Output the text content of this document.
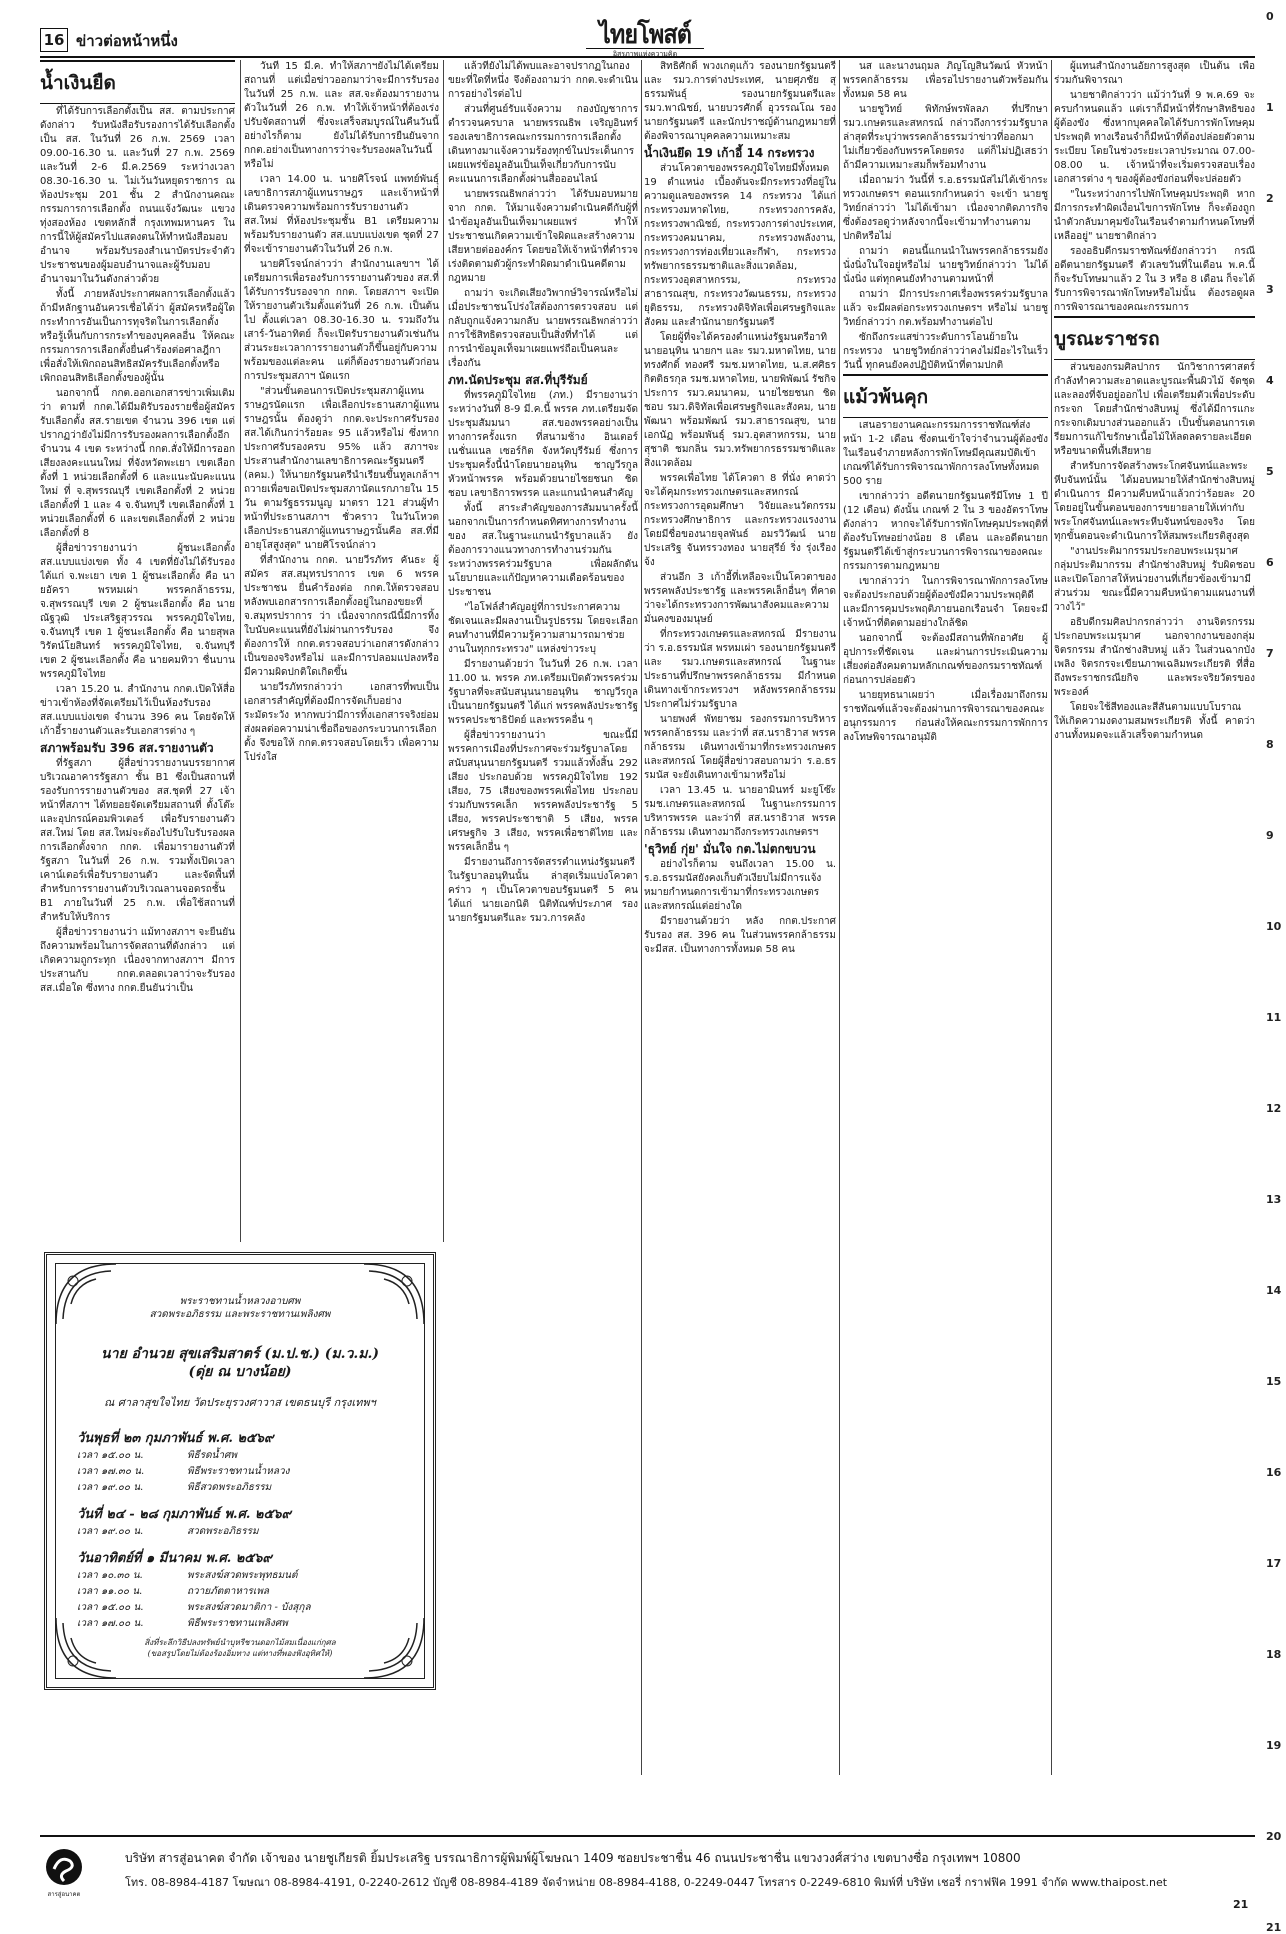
16 ข่าวต่อหน้าหนึ่ง	ไทยโพสต์
อิสรภาพแห่งความคิด
0
1
2
3
4
5
6
7
8
9
10
11
12
13
14
15
16
17
18
19
20
21

น้ำเงินยืด

ที่ได้รับการเลือกตั้งเป็น สส. ตามประกาศดังกล่าว รับหนังสือรับรองการได้รับเลือกตั้งเป็น สส. ในวันที่ 26 ก.พ. 2569 เวลา 09.00-16.30 น. และวันที่ 27 ก.พ. 2569 และวันที่ 2-6 มี.ค.2569 ระหว่างเวลา 08.30-16.30 น. ไม่เว้นวันหยุดราชการ ณ ห้องประชุม 201 ชั้น 2 สำนักงานคณะกรรมการการเลือกตั้ง ถนนแจ้งวัฒนะ แขวงทุ่งสองห้อง เขตหลักสี่ กรุงเทพมหานคร ในการนี้ให้ผู้สมัครไปแสดงตนให้ทำหนังสือมอบอำนาจ พร้อมรับรองสำเนาบัตรประจำตัวประชาชนของผู้มอบอำนาจและผู้รับมอบอำนาจมาในวันดังกล่าวด้วย

ทั้งนี้ ภายหลังประกาศผลการเลือกตั้งแล้ว ถ้ามีหลักฐานอันควรเชื่อได้ว่า ผู้สมัครหรือผู้ใดกระทำการอันเป็นการทุจริตในการเลือกตั้ง หรือรู้เห็นกับการกระทำของบุคคลอื่น ให้คณะกรรมการการเลือกตั้งยื่นคำร้องต่อศาลฎีกาเพื่อสั่งให้เพิกถอนสิทธิสมัครรับเลือกตั้งหรือเพิกถอนสิทธิเลือกตั้งของผู้นั้น

นอกจากนี้ กกต.ออกเอกสารข่าวเพิ่มเติมว่า ตามที่ กกต.ได้มีมติรับรองรายชื่อผู้สมัครรับเลือกตั้ง สส.รายเขต จำนวน 396 เขต แต่ปรากฏว่ายังไม่มีการรับรองผลการเลือกตั้งอีกจำนวน 4 เขต ระหว่างนี้ กกต.สั่งให้มีการออกเสียงลงคะแนนใหม่ ที่จังหวัดพะเยา เขตเลือกตั้งที่ 1 หน่วยเลือกตั้งที่ 6 และแนะนับคะแนนใหม่ ที่ จ.สุพรรณบุรี เขตเลือกตั้งที่ 2 หน่วยเลือกตั้งที่ 1 และ 4 จ.จันทบุรี เขตเลือกตั้งที่ 1 หน่วยเลือกตั้งที่ 6 และเขตเลือกตั้งที่ 2 หน่วยเลือกตั้งที่ 8

ผู้สื่อข่าวรายงานว่า ผู้ชนะเลือกตั้ง สส.แบบแบ่งเขต ทั้ง 4 เขตที่ยังไม่ได้รับรอง ได้แก่ จ.พะเยา เขต 1 ผู้ชนะเลือกตั้ง คือ นายอัครา พรหมเผ่า พรรคกล้าธรรม, จ.สุพรรณบุรี เขต 2 ผู้ชนะเลือกตั้ง คือ นายณัฐวุฒิ ประเสริฐสุวรรณ พรรคภูมิใจไทย, จ.จันทบุรี เขต 1 ผู้ชนะเลือกตั้ง คือ นายสุพล วิรัตน์โยสินทร์ พรรคภูมิใจไทย, จ.จันทบุรี เขต 2 ผู้ชนะเลือกตั้ง คือ นายคมทิวา ชื่นบาน พรรคภูมิใจไทย

เวลา 15.20 น. สำนักงาน กกต.เปิดให้สื่อข่าวเข้าห้องที่จัดเตรียมไว้เป็นห้องรับรอง สส.แบบแบ่งเขต จำนวน 396 คน โดยจัดให้เก้าอี้รายงานตัวและรับเอกสารต่าง ๆ

สภาพร้อมรับ 396 สส.รายงานตัว

ที่รัฐสภา ผู้สื่อข่าวรายงานบรรยากาศบริเวณอาคารรัฐสภา ชั้น B1 ซึ่งเป็นสถานที่รองรับการรายงานตัวของ สส.ชุดที่ 27 เจ้าหน้าที่สภาฯ ได้ทยอยจัดเตรียมสถานที่ ตั้งโต๊ะและอุปกรณ์คอมพิวเตอร์ เพื่อรับรายงานตัว สส.ใหม่ โดย สส.ใหม่จะต้องไปรับใบรับรองผลการเลือกตั้งจาก กกต. เพื่อมารายงานตัวที่รัฐสภา ในวันที่ 26 ก.พ. รวมทั้งเปิดเวลาเคาน์เตอร์เพื่อรับรายงานตัว และจัดพื้นที่สำหรับการรายงานตัวบริเวณลานจอดรถชั้น B1 ภายในวันที่ 25 ก.พ. เพื่อใช้สถานที่สำหรับให้บริการ

ผู้สื่อข่าวรายงานว่า แม้ทางสภาฯ จะยืนยันถึงความพร้อมในการจัดสถานที่ดังกล่าว แต่เกิดความถูกระทุก เนื่องจากทางสภาฯ มีการประสานกับ กกต.ตลอดเวลาว่าจะรับรอง สส.เมื่อใด ซึ่งทาง กกต.ยืนยันว่าเป็น

วันที่ 15 มี.ค. ทำให้สภาฯยังไม่ได้เตรียมสถานที่ แต่เมื่อข่าวออกมาว่าจะมีการรับรองในวันที่ 25 ก.พ. และ สส.จะต้องมารายงานตัวในวันที่ 26 ก.พ. ทำให้เจ้าหน้าที่ต้องเร่งปรับจัดสถานที่ ซึ่งจะเสร็จสมบูรณ์ในคืนวันนี้ อย่างไรก็ตาม ยังไม่ได้รับการยืนยันจาก กกต.อย่างเป็นทางการว่าจะรับรองผลในวันนี้หรือไม่

เวลา 14.00 น. นายศิโรจน์ แพทย์พันธุ์ เลขาธิการสภาผู้แทนราษฎร และเจ้าหน้าที่ เดินตรวจความพร้อมการรับรายงานตัว สส.ใหม่ ที่ห้องประชุมชั้น B1 เตรียมความพร้อมรับรายงานตัว สส.แบบแบ่งเขต ชุดที่ 27 ที่จะเข้ารายงานตัวในวันที่ 26 ก.พ.

นายศิโรจน์กล่าวว่า สำนักงานเลขาฯ ได้เตรียมการเพื่อรองรับการรายงานตัวของ สส.ที่ได้รับการรับรองจาก กกต. โดยสภาฯ จะเปิดให้รายงานตัวเริ่มตั้งแต่วันที่ 26 ก.พ. เป็นต้นไป ตั้งแต่เวลา 08.30-16.30 น. รวมถึงวันเสาร์-วันอาทิตย์ ก็จะเปิดรับรายงานตัวเช่นกัน ส่วนระยะเวลาการรายงานตัวก็ขึ้นอยู่กับความพร้อมของแต่ละคน แต่ก็ต้องรายงานตัวก่อนการประชุมสภาฯ นัดแรก

"ส่วนขั้นตอนการเปิดประชุมสภาผู้แทนราษฎรนัดแรก เพื่อเลือกประธานสภาผู้แทนราษฎรนั้น ต้องดูว่า กกต.จะประกาศรับรอง สส.ได้เกินกว่าร้อยละ 95 แล้วหรือไม่ ซึ่งหากประกาศรับรองครบ 95% แล้ว สภาฯจะประสานสำนักงานเลขาธิการคณะรัฐมนตรี (ลคม.) ให้นายกรัฐมนตรีนำเรียนขึ้นทูลเกล้าฯ ถวายเพื่อขอเปิดประชุมสภานัดแรกภายใน 15 วัน ตามรัฐธรรมนูญ มาตรา 121 ส่วนผู้ทำหน้าที่ประธานสภาฯ ชั่วคราว ในวันโหวตเลือกประธานสภาผู้แทนราษฎรนั้นคือ สส.ที่มีอายุโสสูงสุด" นายศิโรจน์กล่าว

ที่สำนักงาน กกต. นายวีรภัทร คันธะ ผู้สมัคร สส.สมุทรปราการ เขต 6 พรรคประชาชน ยื่นคำร้องต่อ กกต.ให้ตรวจสอบหลังพบเอกสารการเลือกตั้งอยู่ในกองขยะที่ จ.สมุทรปราการ ว่า เนื่องจากกรณีนี้มีการทิ้งใบนับคะแนนที่ยังไม่ผ่านการรับรอง จึงต้องการให้ กกต.ตรวจสอบว่าเอกสารดังกล่าวเป็นของจริงหรือไม่ และมีการปลอมแปลงหรือมีความผิดปกติใดเกิดขึ้น

นายวีรภัทรกล่าวว่า เอกสารที่พบเป็นเอกสารสำคัญที่ต้องมีการจัดเก็บอย่างระมัดระวัง หากพบว่ามีการทิ้งเอกสารจริงย่อมส่งผลต่อความน่าเชื่อถือของกระบวนการเลือกตั้ง จึงขอให้ กกต.ตรวจสอบโดยเร็ว เพื่อความโปร่งใส

แล้วที่ยังไม่ได้พบและอาจปรากฏในกองขยะที่ใดที่หนึ่ง จึงต้องถามว่า กกต.จะดำเนินการอย่างไรต่อไป

ส่วนที่ศูนย์รับแจ้งความ กองบัญชาการตำรวจนครบาล นายพรรณธิพ เจริญอินทร์ รองเลขาธิการคณะกรรมการการเลือกตั้ง เดินทางมาแจ้งความร้องทุกข์ในประเด็นการเผยแพร่ข้อมูลอันเป็นเท็จเกี่ยวกับการนับคะแนนการเลือกตั้งผ่านสื่อออนไลน์

นายพรรณธิพกล่าวว่า ได้รับมอบหมายจาก กกต. ให้มาแจ้งความดำเนินคดีกับผู้ที่นำข้อมูลอันเป็นเท็จมาเผยแพร่ ทำให้ประชาชนเกิดความเข้าใจผิดและสร้างความเสียหายต่อองค์กร โดยขอให้เจ้าหน้าที่ตำรวจเร่งติดตามตัวผู้กระทำผิดมาดำเนินคดีตามกฎหมาย

ถามว่า จะเกิดเสียงวิพากษ์วิจารณ์หรือไม่เมื่อประชาชนโปร่งใสต้องการตรวจสอบ แต่กลับถูกแจ้งความกลับ นายพรรณธิพกล่าวว่า การใช้สิทธิตรวจสอบเป็นสิ่งที่ทำได้ แต่การนำข้อมูลเท็จมาเผยแพร่ถือเป็นคนละเรื่องกัน

ภท.นัดประชุม สส.ที่บุรีรัมย์

ที่พรรคภูมิใจไทย (ภท.) มีรายงานว่า ระหว่างวันที่ 8-9 มี.ค.นี้ พรรค ภท.เตรียมจัดประชุมสัมมนา สส.ของพรรคอย่างเป็นทางการครั้งแรก ที่สนามช้าง อินเตอร์เนชั่นแนล เซอร์กิต จังหวัดบุรีรัมย์ ซึ่งการประชุมครั้งนี้นำโดยนายอนุทิน ชาญวีรกูล หัวหน้าพรรค พร้อมด้วยนายไชยชนก ชิดชอบ เลขาธิการพรรค และแกนนำคนสำคัญ

ทั้งนี้ สาระสำคัญของการสัมมนาครั้งนี้ นอกจากเป็นการกำหนดทิศทางการทำงานของ สส.ในฐานะแกนนำรัฐบาลแล้ว ยังต้องการวางแนวทางการทำงานร่วมกันระหว่างพรรคร่วมรัฐบาล เพื่อผลักดันนโยบายและแก้ปัญหาความเดือดร้อนของประชาชน

"ไอโฟล์สำคัญอยู่ที่การประกาศความชัดเจนและมีผลงานเป็นรูปธรรม โดยจะเลือกคนทำงานที่มีความรู้ความสามารถมาช่วยงานในทุกกระทรวง" แหล่งข่าวระบุ

มีรายงานด้วยว่า ในวันที่ 26 ก.พ. เวลา 11.00 น. พรรค ภท.เตรียมเปิดตัวพรรคร่วมรัฐบาลที่จะสนับสนุนนายอนุทิน ชาญวีรกูล เป็นนายกรัฐมนตรี ได้แก่ พรรคพลังประชารัฐ พรรคประชาธิปัตย์ และพรรคอื่น ๆ

ผู้สื่อข่าวรายงานว่า ขณะนี้มีพรรคการเมืองที่ประกาศจะร่วมรัฐบาลโดยสนับสนุนนายกรัฐมนตรี รวมแล้วทั้งสิ้น 292 เสียง ประกอบด้วย พรรคภูมิใจไทย 192 เสียง, 75 เสียงของพรรคเพื่อไทย ประกอบร่วมกับพรรคเล็ก พรรคพลังประชารัฐ 5 เสียง, พรรคประชาชาติ 5 เสียง, พรรคเศรษฐกิจ 3 เสียง, พรรคเพื่อชาติไทย และพรรคเล็กอื่น ๆ

มีรายงานถึงการจัดสรรตำแหน่งรัฐมนตรีในรัฐบาลอนุทินนั้น ล่าสุดเริ่มแบ่งโควตาคร่าว ๆ เป็นโควตาขอบรัฐมนตรี 5 คน ได้แก่ นายเอกนิติ นิติทัณฑ์ประภาศ รองนายกรัฐมนตรีและ รมว.การคลัง

สิทธิศักดิ์ พวงเกตุแก้ว รองนายกรัฐมนตรี และ รมว.การต่างประเทศ, นายศุภชัย สุธรรมพันธุ์ รองนายกรัฐมนตรีและ รมว.พาณิชย์, นายบวรศักดิ์ อุวรรณโณ รองนายกรัฐมนตรี และนักปราชญ์ด้านกฎหมายที่ต้องพิจารณาบุคคลความเหมาะสม

น้ำเงินยึด 19 เก้าอี้ 14 กระทรวง

ส่วนโควตาของพรรคภูมิใจไทยมีทั้งหมด 19 ตำแหน่ง เบื้องต้นจะมีกระทรวงที่อยู่ในความดูแลของพรรค 14 กระทรวง ได้แก่ กระทรวงมหาดไทย, กระทรวงการคลัง, กระทรวงพาณิชย์, กระทรวงการต่างประเทศ, กระทรวงคมนาคม, กระทรวงพลังงาน, กระทรวงการท่องเที่ยวและกีฬา, กระทรวงทรัพยากรธรรมชาติและสิ่งแวดล้อม, กระทรวงอุตสาหกรรม, กระทรวงสาธารณสุข, กระทรวงวัฒนธรรม, กระทรวงยุติธรรม, กระทรวงดิจิทัลเพื่อเศรษฐกิจและสังคม และสำนักนายกรัฐมนตรี

โดยผู้ที่จะได้ครองตำแหน่งรัฐมนตรีอาทิ นายอนุทิน นายกฯ และ รมว.มหาดไทย, นายทรงศักดิ์ ทองศรี รมช.มหาดไทย, น.ส.ศศิธร กิตติธรกุล รมช.มหาดไทย, นายพิพัฒน์ รัชกิจประการ รมว.คมนาคม, นายไชยชนก ชิดชอบ รมว.ดิจิทัลเพื่อเศรษฐกิจและสังคม, นายพัฒนา พร้อมพัฒน์ รมว.สาธารณสุข, นายเอกนัฏ พร้อมพันธุ์ รมว.อุตสาหกรรม, นายสุชาติ ชมกลิ่น รมว.ทรัพยากรธรรมชาติและสิ่งแวดล้อม

พรรคเพื่อไทย ได้โควตา 8 ที่นั่ง คาดว่าจะได้คุมกระทรวงเกษตรและสหกรณ์ กระทรวงการอุดมศึกษา วิจัยและนวัตกรรม กระทรวงศึกษาธิการ และกระทรวงแรงงาน โดยมีชื่อของนายจุลพันธ์ อมรวิวัฒน์ นายประเสริฐ จันทรรวงทอง นายสุรีย์ ริ่ง รุ่งเรืองจ้ง

ส่วนอีก 3 เก้าอี้ที่เหลือจะเป็นโควตาของพรรคพลังประชารัฐ และพรรคเล็กอื่นๆ ที่คาดว่าจะได้กระทรวงการพัฒนาสังคมและความมั่นคงของมนุษย์

ที่กระทรวงเกษตรและสหกรณ์ มีรายงานว่า ร.อ.ธรรมนัส พรหมเผ่า รองนายกรัฐมนตรีและ รมว.เกษตรและสหกรณ์ ในฐานะประธานที่ปรึกษาพรรคกล้าธรรม มีกำหนดเดินทางเข้ากระทรวงฯ หลังพรรคกล้าธรรมประกาศไม่ร่วมรัฐบาล

นายพงศ์ พัทยาชม รองกรรมการบริหารพรรคกล้าธรรม และว่าที่ สส.นราธิวาส พรรคกล้าธรรม เดินทางเข้ามาที่กระทรวงเกษตรและสหกรณ์ โดยผู้สื่อข่าวสอบถามว่า ร.อ.ธรรมนัส จะยังเดินทางเข้ามาหรือไม่

เวลา 13.45 น. นายอามินทร์ มะยูโซ๊ะ รมช.เกษตรและสหกรณ์ ในฐานะกรรมการบริหารพรรค และว่าที่ สส.นราธิวาส พรรคกล้าธรรม เดินทางมาถึงกระทรวงเกษตรฯ

'ธุวิทย์ กุ่ย' มั่นใจ กต.ไม่ตกขบวน

อย่างไรก็ตาม จนถึงเวลา 15.00 น. ร.อ.ธรรมนัสยังคงเก็บตัวเงียบไม่มีการแจ้งหมายกำหนดการเข้ามาที่กระทรวงเกษตรและสหกรณ์แต่อย่างใด

มีรายงานด้วยว่า หลัง กกต.ประกาศรับรอง สส. 396 คน ในส่วนพรรคกล้าธรรมจะมีสส. เป็นทางการทั้งหมด 58 คน

นส และนางนฤมล ภิญโญสินวัฒน์ หัวหน้าพรรคกล้าธรรม เพื่อรอไปรายงานตัวพร้อมกันทั้งหมด 58 คน

นายชูวิทย์ พิทักษ์พรพัลลภ ที่ปรึกษา รมว.เกษตรและสหกรณ์ กล่าวถึงการร่วมรัฐบาลล่าสุดที่ระบุว่าพรรคกล้าธรรมว่าข่าวที่ออกมา ไม่เกี่ยวข้องกับพรรคโดยตรง แต่ก็ไม่ปฏิเสธว่า ถ้ามีความเหมาะสมก็พร้อมทำงาน

เมื่อถามว่า วันนี้ที่ ร.อ.ธรรมนัสไม่ได้เข้ากระทรวงเกษตรฯ ตอนแรกกำหนดว่า จะเข้า นายชูวิทย์กล่าวว่า ไม่ได้เข้ามา เนื่องจากติดภารกิจ ซึ่งต้องรอดูว่าหลังจากนี้จะเข้ามาทำงานตามปกติหรือไม่

ถามว่า ตอนนี้แกนนำในพรรคกล้าธรรมยังนั่งนิ่งในใจอยู่หรือไม่ นายชูวิทย์กล่าวว่า ไม่ได้นั่งนิ่ง แต่ทุกคนยังทำงานตามหน้าที่

ถามว่า มีการประกาศเรื่องพรรคร่วมรัฐบาลแล้ว จะมีผลต่อกระทรวงเกษตรฯ หรือไม่ นายชูวิทย์กล่าวว่า กต.พร้อมทำงานต่อไป

ซักถึงกระแสข่าวระดับการโอนย้ายในกระทรวง นายชูวิทย์กล่าวว่าคงไม่มีอะไรในเร็ววันนี้ ทุกคนยังคงปฏิบัติหน้าที่ตามปกติ

แม้วพ้นคุก

เสนอรายงานคณะกรรมการราชทัณฑ์ส่งหน้า 1-2 เดือน ซึ่งตนเข้าใจว่าจำนวนผู้ต้องขังในเรือนจำภายหลังการพักโทษมีคุณสมบัติเข้าเกณฑ์ได้รับการพิจารณาพักการลงโทษทั้งหมด 500 ราย

เขากล่าวว่า อดีตนายกรัฐมนตรีมีโทษ 1 ปี (12 เดือน) ดังนั้น เกณฑ์ 2 ใน 3 ของอัตราโทษดังกล่าว หากจะได้รับการพักโทษคุมประพฤติที่ต้องรับโทษอย่างน้อย 8 เดือน และอดีตนายกรัฐมนตรีได้เข้าสู่กระบวนการพิจารณาของคณะกรรมการตามกฎหมาย

เขากล่าวว่า ในการพิจารณาพักการลงโทษ จะต้องประกอบด้วยผู้ต้องขังมีความประพฤติดี และมีการคุมประพฤติภายนอกเรือนจำ โดยจะมีเจ้าหน้าที่ติดตามอย่างใกล้ชิด

นอกจากนี้ จะต้องมีสถานที่พักอาศัย ผู้อุปการะที่ชัดเจน และผ่านการประเมินความเสี่ยงต่อสังคมตามหลักเกณฑ์ของกรมราชทัณฑ์ก่อนการปล่อยตัว

นายยุทธนาเผยว่า เมื่อเรื่องมาถึงกรมราชทัณฑ์แล้วจะต้องผ่านการพิจารณาของคณะอนุกรรมการ ก่อนส่งให้คณะกรรมการพักการลงโทษพิจารณาอนุมัติ

ผู้แทนสำนักงานอัยการสูงสุด เป็นต้น เพื่อร่วมกันพิจารณา

นายชาติกล่าวว่า แม้ว่าวันที่ 9 พ.ค.69 จะครบกำหนดแล้ว แต่เราก็มีหน้าที่รักษาสิทธิของผู้ต้องขัง ซึ่งหากบุคคลใดได้รับการพักโทษคุมประพฤติ ทางเรือนจำก็มีหน้าที่ต้องปล่อยตัวตามระเบียบ โดยในช่วงระยะเวลาประมาณ 07.00-08.00 น. เจ้าหน้าที่จะเริ่มตรวจสอบเรื่องเอกสารต่าง ๆ ของผู้ต้องขังก่อนที่จะปล่อยตัว

"ในระหว่างการไปพักโทษคุมประพฤติ หากมีการกระทำผิดเงื่อนไขการพักโทษ ก็จะต้องถูกนำตัวกลับมาคุมขังในเรือนจำตามกำหนดโทษที่เหลืออยู่" นายชาติกล่าว

รองอธิบดีกรมราชทัณฑ์ยังกล่าวว่า กรณีอดีตนายกรัฐมนตรี ตัวเลขวันที่ในเดือน พ.ค.นี้ ก็จะรับโทษมาแล้ว 2 ใน 3 หรือ 8 เดือน ก็จะได้รับการพิจารณาพักโทษหรือไม่นั้น ต้องรอดูผลการพิจารณาของคณะกรรมการ

บูรณะราชรถ

ส่วนของกรมศิลปากร นักวิชาการศาสตร์ กำลังทำความสะอาดและบูรณะพื้นผิวไม้ จัดชุดและลองที่จับอยู่ออกไป เพื่อเตรียมตัวเพื่อประดับกระจก โดยสำนักช่างสิบหมู่ ซึ่งได้มีการแกะกระจกเดิมบางส่วนออกแล้ว เป็นขั้นตอนการเตรียมการแก้ไขรักษาเนื้อไม้ให้ลดลดรายละเอียดหรือขนาดพื้นที่เสียหาย

สำหรับการจัดสร้างพระโกศจันทน์และพระหีบจันทน์นั้น ได้มอบหมายให้สำนักช่างสิบหมู่ดำเนินการ มีความคืบหน้าแล้วกว่าร้อยละ 20 โดยอยู่ในขั้นตอนของการขยายลายให้เท่ากับพระโกศจันทน์และพระหีบจันทน์ของจริง โดยทุกขั้นตอนจะดำเนินการให้สมพระเกียรติสูงสุด

"งานประติมากรรมประกอบพระเมรุมาศ กลุ่มประติมากรรม สำนักช่างสิบหมู่ รับผิดชอบ และเปิดโอกาสให้หน่วยงานที่เกี่ยวข้องเข้ามามีส่วนร่วม ขณะนี้มีความคืบหน้าตามแผนงานที่วางไว้"

อธิบดีกรมศิลปากรกล่าวว่า งานจิตรกรรมประกอบพระเมรุมาศ นอกจากงานของกลุ่มจิตรกรรม สำนักช่างสิบหมู่ แล้ว ในส่วนฉากบังเพลิง จิตรกรจะเขียนภาพเฉลิมพระเกียรติ ที่สื่อถึงพระราชกรณียกิจ และพระจริยวัตรของพระองค์

โดยจะใช้สีทองและสีสันตามแบบโบราณ ให้เกิดความงดงามสมพระเกียรติ ทั้งนี้ คาดว่างานทั้งหมดจะแล้วเสร็จตามกำหนด

พระราชทานน้ำหลวงอาบศพ
สวดพระอภิธรรม และพระราชทานเพลิงศพ
นาย อำนวย สุขเสริมสาตร์ (ม.ป.ช.) (ม.ว.ม.)
(ดุ่ย ณ บางน้อย)
ณ ศาลาสุขใจไทย วัดประยุรวงศาวาส เขตธนบุรี กรุงเทพฯ
วันพุธที่ ๒๓ กุมภาพันธ์ พ.ศ. ๒๕๖๙
เวลา ๑๕.๐๐ น.	พิธีรดน้ำศพ
เวลา ๑๗.๓๐ น.	พิธีพระราชทานน้ำหลวง
เวลา ๑๙.๐๐ น.	พิธีสวดพระอภิธรรม
วันที่ ๒๔ - ๒๘ กุมภาพันธ์ พ.ศ. ๒๕๖๙
เวลา ๑๙.๐๐ น.	สวดพระอภิธรรม
วันอาทิตย์ที่ ๑ มีนาคม พ.ศ. ๒๕๖๙
เวลา ๑๐.๓๐ น.	พระสงฆ์สวดพระพุทธมนต์
เวลา ๑๑.๐๐ น.	ถวายภัตตาหารเพล
เวลา ๑๕.๐๐ น.	พระสงฆ์สวดมาติกา - บังสุกุล
เวลา ๑๗.๐๐ น.	พิธีพระราชทานเพลิงศพ
สิ่งที่ระลึกวิธีปลงทรัพย์นำบุหรีชวนดอกไม้สมเนื่องแก่กุศล
(ขอสรูปโดยไม่ต้องร้องอิ่มทาง แต่ทางที่พองฟังอุทิศให้)
สารสู่อนาคต
บริษัท สารสู่อนาคต จำกัด เจ้าของ นายชูเกียรติ ยิ้มประเสริฐ บรรณาธิการผู้พิมพ์ผู้โฆษณา 1409 ซอยประชาชื่น 46 ถนนประชาชื่น แขวงวงศ์สว่าง เขตบางซื่อ กรุงเทพฯ 10800
โทร. 08-8984-4187 โฆษณา 08-8984-4191, 0-2240-2612 บัญชี 08-8984-4189 จัดจำหน่าย 08-8984-4188, 0-2249-0447 โทรสาร 0-2249-6810 พิมพ์ที่ บริษัท เชอรี่ กราฟฟิค 1991 จำกัด www.thaipost.net
21
